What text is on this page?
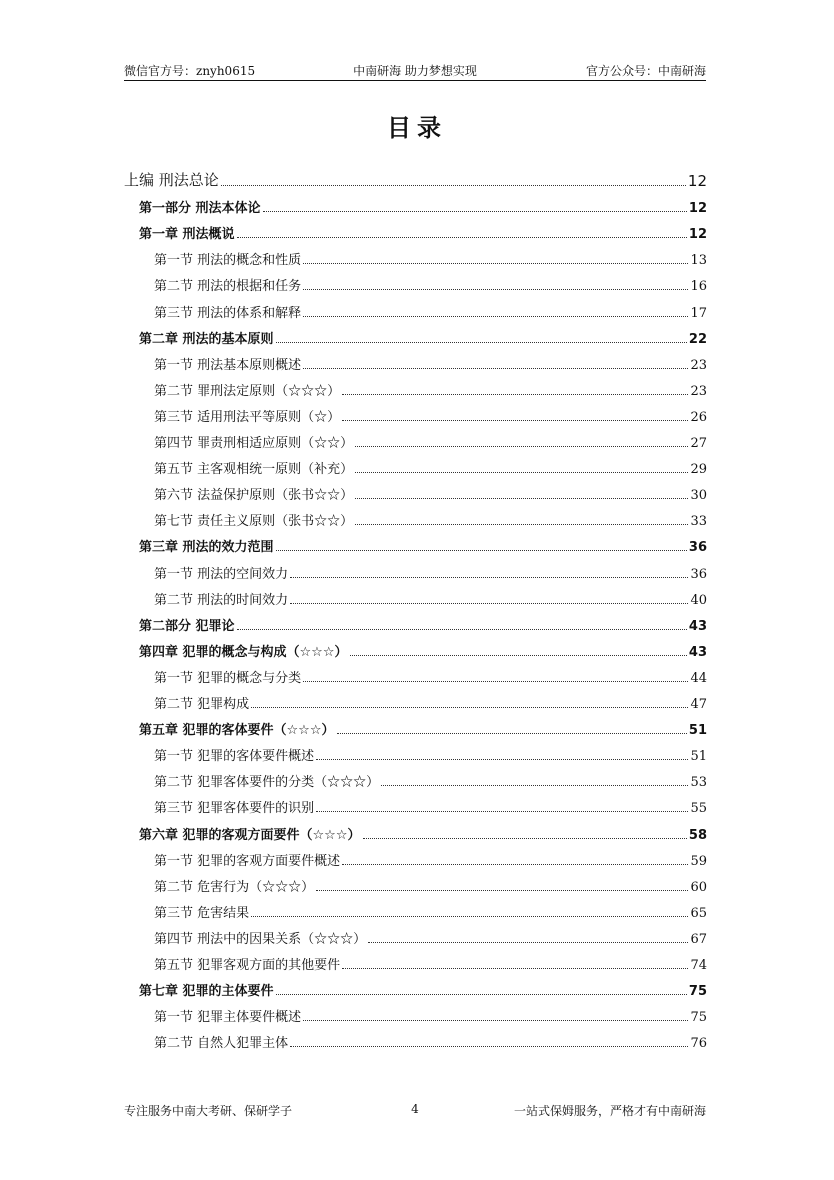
微信官方号：znyh0615	中南研海 助力梦想实现	官方公众号：中南研海
目录
上编 刑法总论	12
第一部分 刑法本体论	12
第一章 刑法概说	12
第一节 刑法的概念和性质	13
第二节 刑法的根据和任务	16
第三节 刑法的体系和解释	17
第二章 刑法的基本原则	22
第一节 刑法基本原则概述	23
第二节 罪刑法定原则（☆☆☆）	23
第三节 适用刑法平等原则（☆）	26
第四节 罪责刑相适应原则（☆☆）	27
第五节 主客观相统一原则（补充）	29
第六节 法益保护原则（张书☆☆）	30
第七节 责任主义原则（张书☆☆）	33
第三章 刑法的效力范围	36
第一节 刑法的空间效力	36
第二节 刑法的时间效力	40
第二部分 犯罪论	43
第四章 犯罪的概念与构成（☆☆☆）	43
第一节 犯罪的概念与分类	44
第二节 犯罪构成	47
第五章 犯罪的客体要件（☆☆☆）	51
第一节 犯罪的客体要件概述	51
第二节 犯罪客体要件的分类（☆☆☆）	53
第三节 犯罪客体要件的识别	55
第六章 犯罪的客观方面要件（☆☆☆）	58
第一节 犯罪的客观方面要件概述	59
第二节 危害行为（☆☆☆）	60
第三节 危害结果	65
第四节 刑法中的因果关系（☆☆☆）	67
第五节 犯罪客观方面的其他要件	74
第七章 犯罪的主体要件	75
第一节 犯罪主体要件概述	75
第二节 自然人犯罪主体	76
专注服务中南大考研、保研学子	4	一站式保姆服务，严格才有中南研海
